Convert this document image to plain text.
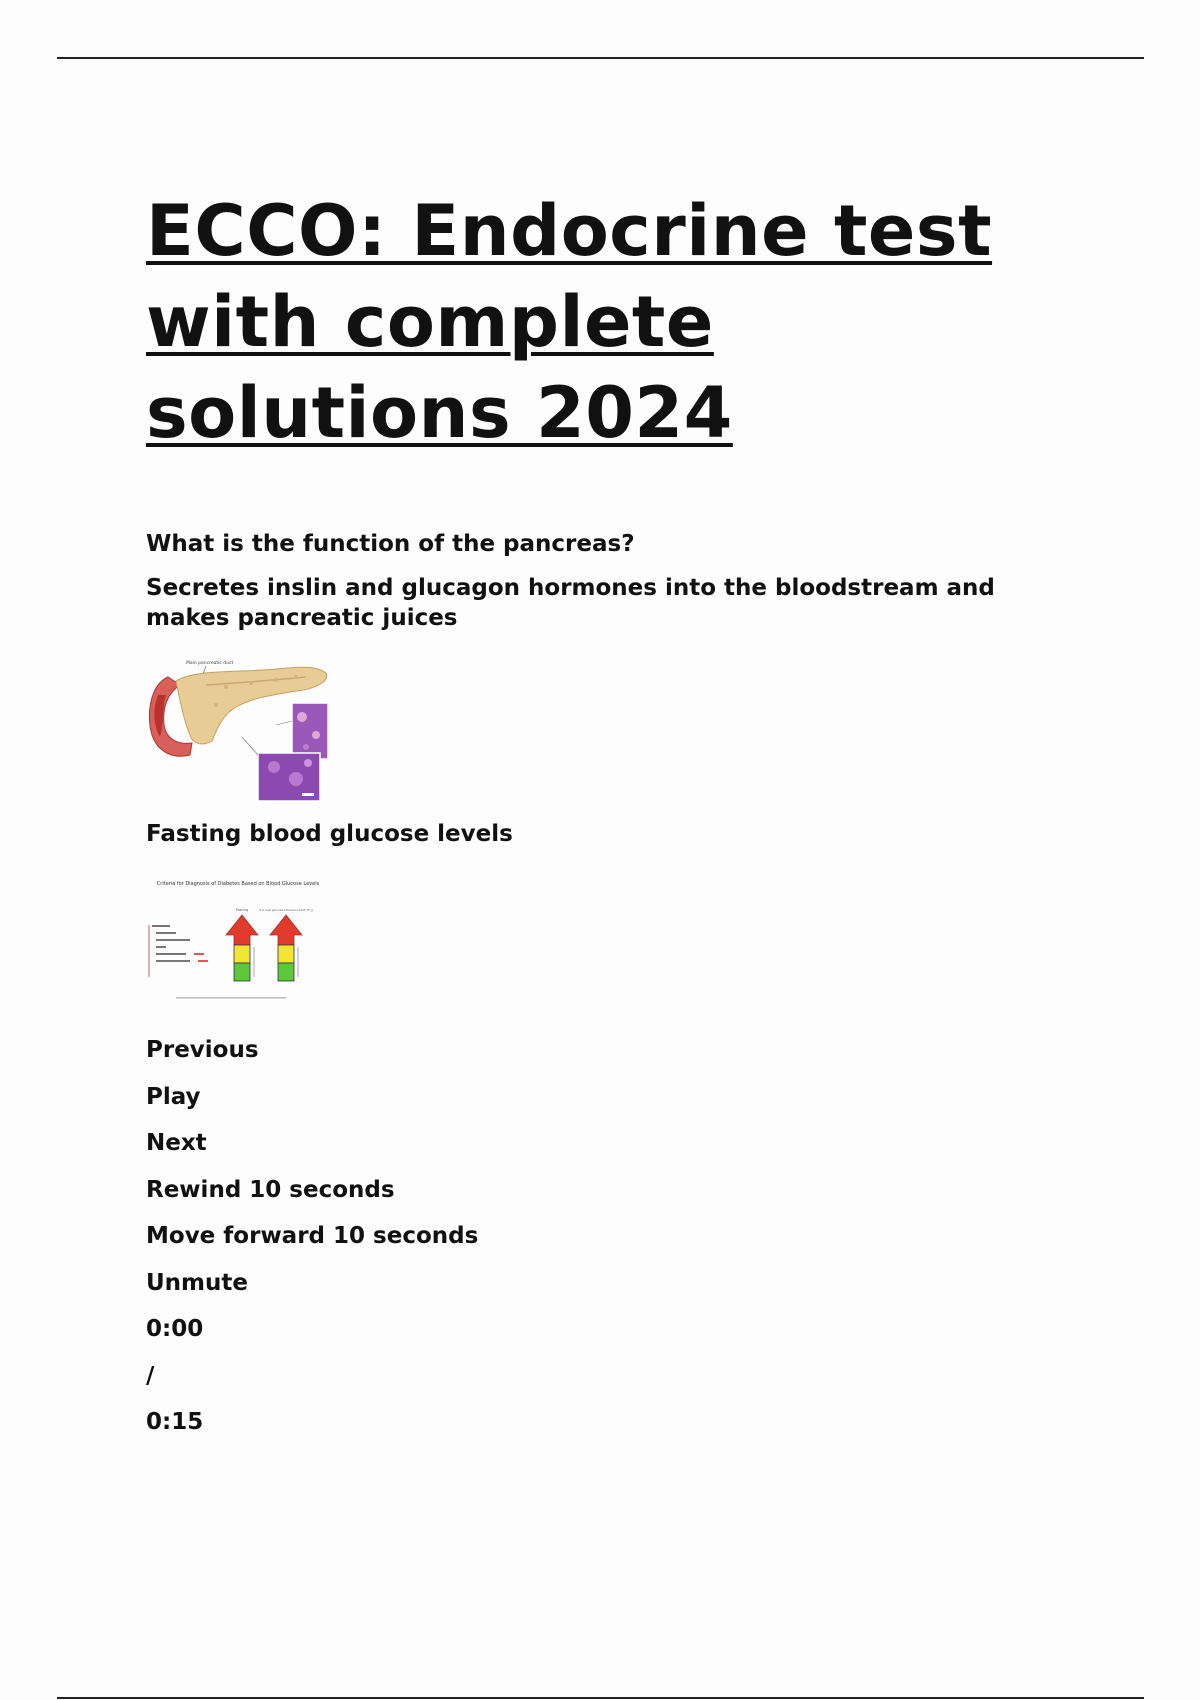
ECCO: Endocrine test with complete solutions 2024
What is the function of the pancreas?
Secretes inslin and glucagon hormones into the bloodstream and makes pancreatic juices
Main pancreatic duct
Fasting blood glucose levels
Criteria for Diagnosis of Diabetes Based on Blood Glucose Levels
Fasting	2-h oral glucose tolerance test 75 g
Previous
Play
Next
Rewind 10 seconds
Move forward 10 seconds
Unmute
0:00
/
0:15
